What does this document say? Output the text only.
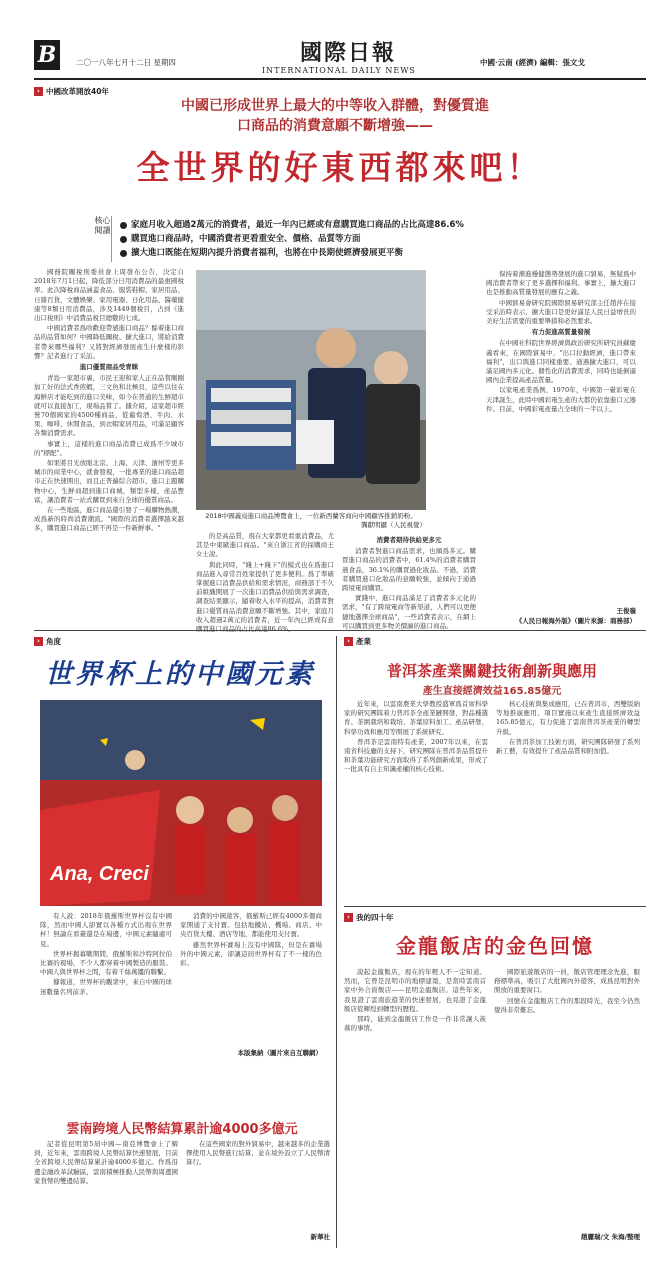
B	二〇一八年七月十二日 星期四	國際日報
INTERNATIONAL DAILY NEWS
中國·云南 (經濟) 編輯：張文戈
› 中國改革開放40年
中國已形成世界上最大的中等收入群體，對優質進
口商品的消費意願不斷增強——
全世界的好東西都來吧！
核心閱讀
家庭月收入超過2萬元的消費者，最近一年內已經或有意購買進口商品的占比高達86.6%
購買進口商品時，中國消費者更看重安全、價格、品質等方面
擴大進口既能在短期內提升消費者福利，也將在中長期使經濟發展更平衡

國務院關稅則委員會上周發布公告，決定自2018年7月1日起，降低部分日用消費品的最惠國稅率。此次降稅商品涵蓋食品、服裝鞋帽、家居用品、日雜百貨、文體娛樂、家用電器、日化用品、醫藥健康等8類日用消費品，涉及1449個稅目，占到《進出口稅則》中消費品稅目總數的七成。

中國消費者爲啥歡迎帶感進口商品？餘着進口商品的品質如何？中國降低關稅、擴大進口，將給消費者帶來哪些福利？又將對經濟發展產生什麼樣的影響？記者進行了采訪。

進口優質商品受青睞

青島一家超市裏，市民王迎和家人正在品嘗剛剛加工好的法式香煎蝦，三文魚和北極貝，這些以往在海鮮店才能吃到的進口美味，如今在普通的生鮮超市就可以直接加工，現場品嘗了。據介紹，這家超市經營70個國家的4500種商品，從葡萄酒、牛肉、水果、咖啡、休閒食品，到衣帽家居用品，可滿足顧客各類消費需求。

事實上，這樣的進口商品消費已成爲不少城市的"標配"。

如果將目光放眼北京、上海、天津、濱州等更多城市的商業中心，就會發現，一批專業的進口商品超市正在快速開出，而且正普遍綜合超市、進口主題購物中心，生鮮商超到進口商城，類型多樣，產品豐富，讓消費者一站式購買到來自全球的優質商品。

在一些地區，進口商品還引發了一場購物熱潮，成爲新的時尚消費潮流。"國際的消費者選擇越來越多，購買進口商品已經不再是一件新鮮事。"

2018中國義烏進口商品博覽會上，一位新西蘭客商向中國顧客推銷奶粉。
龔獻明攝（人民視覺）

的是高品質，現在大家都更看重消費品，尤其是中東歐進口商品。"來自浙江省的採購商王女士說。

與此同時，"綫上+綫下"的模式也在爲進口商品進入尋常百姓家提供了更多便利。爲了準確掌握進口消費品供給和需求情況，商務部于不久前組織開展了一次進口消費品供給與需求調查，調查結果顯示，隨着收入水平的提高，消費者對進口優質商品消費意願不斷增強。其中，家庭月收入超過2萬元的消費者，近一年內已經或有意

消費者期待供給更多元

消費者對進口商品需求，也頗爲多元。購買進口商品的消費者中，61.4%的消費者購買過食品，36.1%的購買過化妝品。不過，消費者購買進口化妝品的意願較強，並傾向于通過跨境電商購買。

實踐中，進口商品滿足了消費者多元化的需求，"有了跨境電商等新渠道，人們可以更便捷地選擇全球商品"，一些消費者表示，在網上可以購買到更多物美價廉的進口商品。

保持着漸進穩健態勢發展的進口貿易，無疑爲中國消費者帶來了更多選擇和福利。事實上，擴大進口也是推動高質量發展的應有之義。

中國貿易會研究院國際貿易研究部主任趙萍在接受采訪時表示，擴大進口是更好滿足人民日益增長的美好生活需要的重要舉措和必然要求。

有力促進高質量發展

在中國社科院世界經濟與政治研究所研究員蘇慶義看來，在國際貿易中，"出口拉動經濟，進口帶來福利"，出口與進口同樣重要。通過擴大進口，可以滿足國內多元化、個性化的消費需求，同時也能倒逼國內企業提高產品質量。

以家電產業爲例，1970年，中國第一臺彩電在天津誕生，此時中國彩電生產的大都仍依靠進口元器件。目前，中國彩電產量占全球的一半以上。

王俊嶺
《人民日報海外版》（圖片來源：商務部）
› 角度
世界杯上的中國元素
Ana, Creci

有人說：2018年俄羅斯世界杯沒有中國隊，然而中國人卻實以各種方式出現在世界杯！無論在看臺還是在場邊，中國元素隨處可見。

世界杯揭幕戰期間，俄羅斯和沙特阿拉伯比賽的現場，不少人都穿着中國製造的服裝。中國人與世界杯之間，有着千絲萬縷的聯繫。

據報道，世界杯的觀衆中，來自中國的球迷數量名列前茅。

消費的中國遊客，俄羅斯已經有4000多個商家開通了支付寶。包括地鐵站、機場、商店、中央百貨大樓、酒店等地，都能使用支付寶。

雖然世界杯賽場上沒有中國隊，但是在賽場外的中國元素，卻讓這屆世界杯有了不一樣的色彩。

本版集納（圖片來自互聯網）
雲南跨境人民幣結算累計逾4000多億元

記者從昆明第5屆中國—南亞博覽會上了解到，近年來，雲南跨境人民幣結算快速發展，目前全省跨境人民幣結算累計逾4000多億元。作爲沿邊金融改革試驗區，雲南積極推動人民幣與周邊國家貨幣的雙邊結算。

在這些國家的對外貿易中，越來越多的企業選擇使用人民幣進行結算，並在境外設立了人民幣清算行。

新華社
› 產業
普洱茶產業關鍵技術創新與應用
產生直接經濟效益165.85億元

近年來，以雲南農業大學教授盛軍爲首席科學家的研究團隊着力普洱茶全產業鏈開發，對品種選育、茶園栽培和栽培、茶葉原料加工、產品研發、科學功效和應用等開展了系統研究。

普洱茶是雲南特有產業，2007年以來，在雲南省科技廳的支持下，研究團隊在普洱茶品質提升和茶葉功能研究方面取得了系列創新成果，形成了一批具有自主知識產權的核心技術。

核心技術與集成應用，已在普洱市、西雙版納等地推廣應用，項目實施以來產生直接經濟效益165.85億元，有力促進了雲南普洱茶產業的轉型升級。

在普洱茶加工技術方面，研究團隊研發了系列新工藝，有效提升了產品品質和附加值。

› 我的四十年
金龍飯店的金色回憶

說起金龍飯店，現在的年輕人不一定知道。然而，它曾是昆明市的地標建築，是當時雲南首家中外合資飯店——昆明金龍飯店。這些年來，我見證了雲南旅遊業的快速發展，也見證了金龍飯店從輝煌到轉型的歷程。

那時，能到金龍飯店工作是一件非常讓人羨慕的事情。

國際旅遊飯店的一員，飯店管理理念先進，服務標準高，吸引了大批國內外遊客，成爲昆明對外開放的重要窗口。

回憶在金龍飯店工作的那段時光，我至今仍然覺得非常難忘。

趙麗瑞/文 朱海/整理
